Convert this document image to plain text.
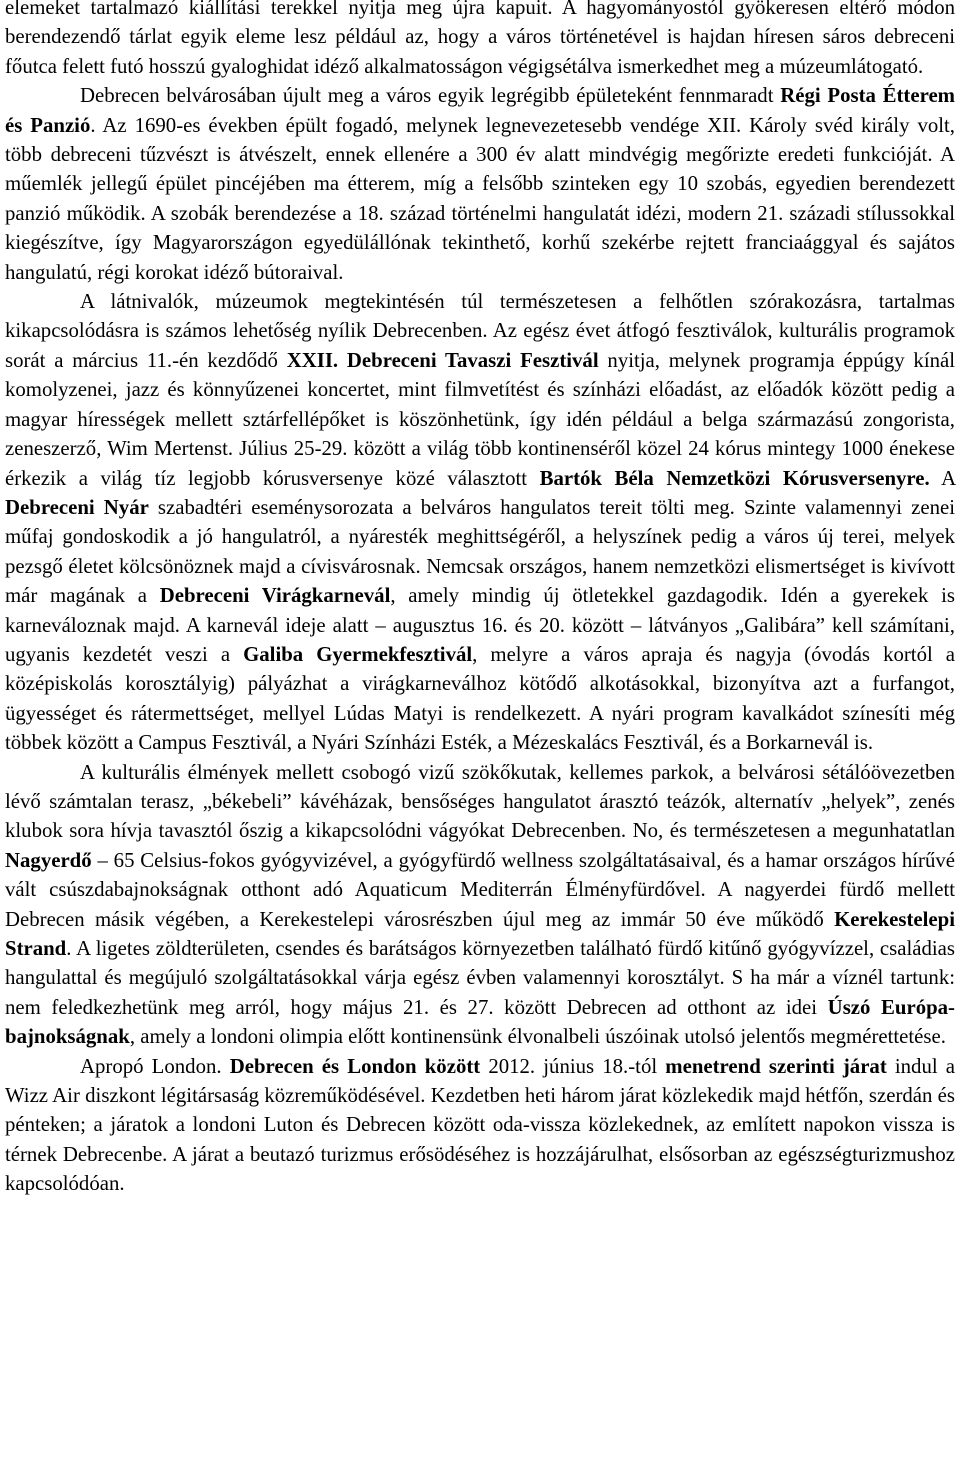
elemeket tartalmazó kiállítási terekkel nyitja meg újra kapuit. A hagyományostól gyökeresen eltérő módon berendezendő tárlat egyik eleme lesz például az, hogy a város történetével is hajdan híresen sáros debreceni főutca felett futó hosszú gyaloghidat idéző alkalmatosságon végigsétálva ismerkedhet meg a múzeumlátogató.

Debrecen belvárosában újult meg a város egyik legrégibb épületeként fennmaradt Régi Posta Étterem és Panzió. Az 1690-es években épült fogadó, melynek legnevezetesebb vendége XII. Károly svéd király volt, több debreceni tűzvészt is átvészelt, ennek ellenére a 300 év alatt mindvégig megőrizte eredeti funkcióját. A műemlék jellegű épület pincéjében ma étterem, míg a felsőbb szinteken egy 10 szobás, egyedien berendezett panzió működik. A szobák berendezése a 18. század történelmi hangulatát idézi, modern 21. századi stílussokkal kiegészítve, így Magyarországon egyedülállónak tekinthető, korhű szekérbe rejtett franciaággyal és sajátos hangulatú, régi korokat idéző bútoraival.

A látnivalók, múzeumok megtekintésén túl természetesen a felhőtlen szórakozásra, tartalmas kikapcsolódásra is számos lehetőség nyílik Debrecenben. Az egész évet átfogó fesztiválok, kulturális programok sorát a március 11.-én kezdődő XXII. Debreceni Tavaszi Fesztivál nyitja, melynek programja éppúgy kínál komolyzenei, jazz és könnyűzenei koncertet, mint filmvetítést és színházi előadást, az előadók között pedig a magyar hírességek mellett sztárfellépőket is köszönhetünk, így idén például a belga származású zongorista, zeneszerző, Wim Mertenst. Július 25-29. között a világ több kontinenséről közel 24 kórus mintegy 1000 énekese érkezik a világ tíz legjobb kórusversenye közé választott Bartók Béla Nemzetközi Kórusversenyre. A Debreceni Nyár szabadtéri eseménysorozata a belváros hangulatos tereit tölti meg. Szinte valamennyi zenei műfaj gondoskodik a jó hangulatról, a nyáresték meghittségéről, a helyszínek pedig a város új terei, melyek pezsgő életet kölcsönöznek majd a cívisvárosnak. Nemcsak országos, hanem nemzetközi elismertséget is kivívott már magának a Debreceni Virágkarnevál, amely mindig új ötletekkel gazdagodik. Idén a gyerekek is karneváloznak majd. A karnevál ideje alatt – augusztus 16. és 20. között – látványos „Galibára” kell számítani, ugyanis kezdetét veszi a Galiba Gyermekfesztivál, melyre a város apraja és nagyja (óvodás kortól a középiskolás korosztályig) pályázhat a virágkarneválhoz kötődő alkotásokkal, bizonyítva azt a furfangot, ügyességet és rátermettséget, mellyel Lúdas Matyi is rendelkezett. A nyári program kavalkádot színesíti még többek között a Campus Fesztivál, a Nyári Színházi Esték, a Mézeskalács Fesztivál, és a Borkarnevál is.

A kulturális élmények mellett csobogó vizű szökőkutak, kellemes parkok, a belvárosi sétálóövezetben lévő számtalan terasz, „békebeli” kávéházak, bensőséges hangulatot árasztó teázók, alternatív „helyek”, zenés klubok sora hívja tavasztól őszig a kikapcsolódni vágyókat Debrecenben. No, és természetesen a megunhatatlan Nagyerdő – 65 Celsius-fokos gyógyvizével, a gyógyfürdő wellness szolgáltatásaival, és a hamar országos hírűvé vált csúszdabajnokságnak otthont adó Aquaticum Mediterrán Élményfürdővel. A nagyerdei fürdő mellett Debrecen másik végében, a Kerekestelepi városrészben újul meg az immár 50 éve működő Kerekestelepi Strand. A ligetes zöldterületen, csendes és barátságos környezetben található fürdő kitűnő gyógyvízzel, családias hangulattal és megújuló szolgáltatásokkal várja egész évben valamennyi korosztályt. S ha már a víznél tartunk: nem feledkezhetünk meg arról, hogy május 21. és 27. között Debrecen ad otthont az idei Úszó Európa-bajnokságnak, amely a londoni olimpia előtt kontinensünk élvonalbeli úszóinak utolsó jelentős megmérettetése.

Apropó London. Debrecen és London között 2012. június 18.-tól menetrend szerinti járat indul a Wizz Air diszkont légitársaság közreműködésével. Kezdetben heti három járat közlekedik majd hétfőn, szerdán és pénteken; a járatok a londoni Luton és Debrecen között oda-vissza közlekednek, az említett napokon vissza is térnek Debrecenbe. A járat a beutazó turizmus erősödéséhez is hozzájárulhat, elsősorban az egészségturizmushoz kapcsolódóan.
